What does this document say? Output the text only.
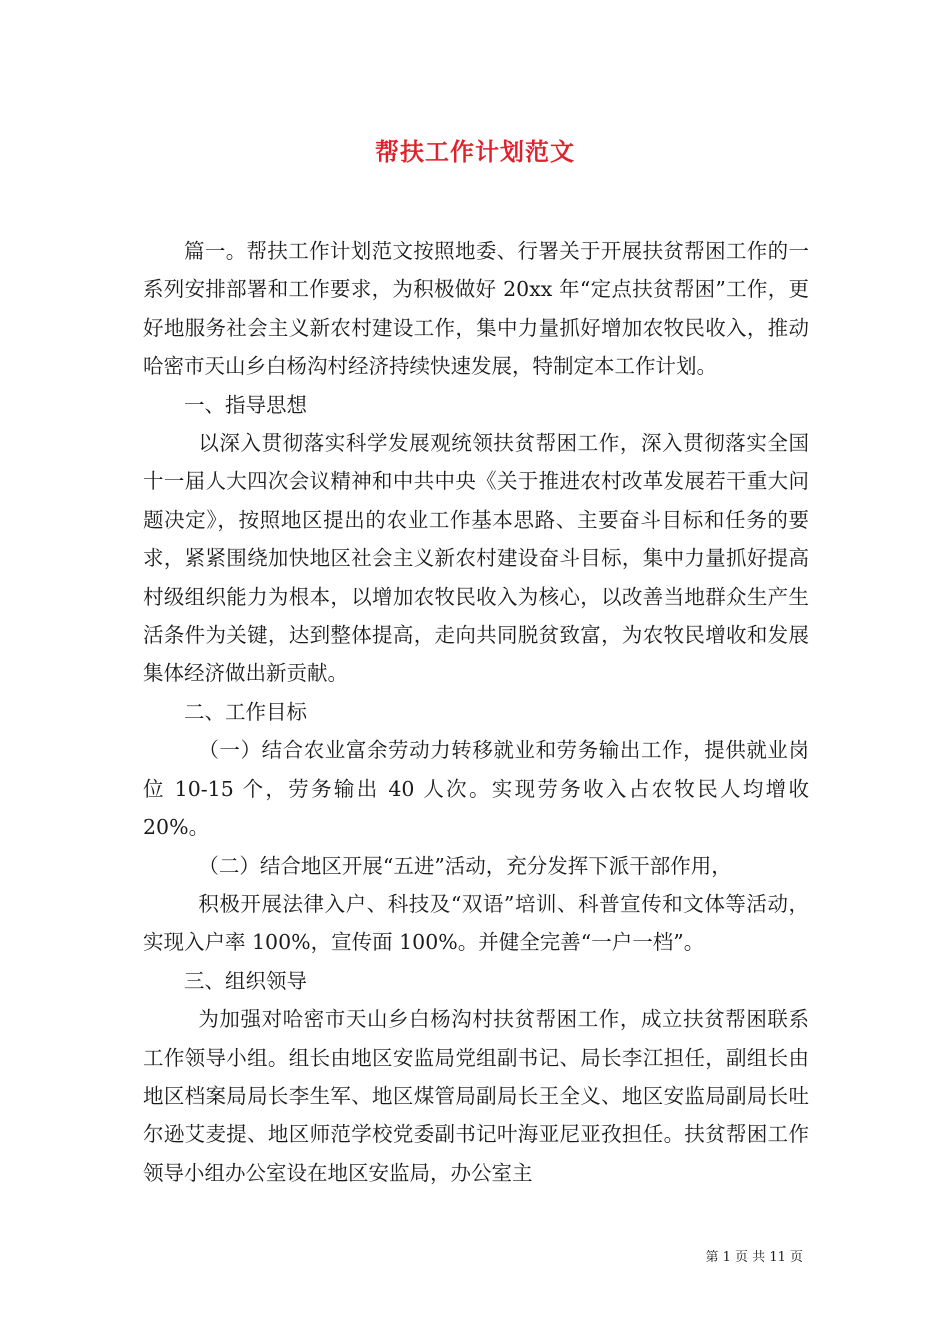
帮扶工作计划范文

篇一。帮扶工作计划范文按照地委、行署关于开展扶贫帮困工作的一系列安排部署和工作要求，为积极做好 20xx 年“定点扶贫帮困”工作，更好地服务社会主义新农村建设工作，集中力量抓好增加农牧民收入，推动哈密市天山乡白杨沟村经济持续快速发展，特制定本工作计划。

一、指导思想

以深入贯彻落实科学发展观统领扶贫帮困工作，深入贯彻落实全国十一届人大四次会议精神和中共中央《关于推进农村改革发展若干重大问题决定》，按照地区提出的农业工作基本思路、主要奋斗目标和任务的要求，紧紧围绕加快地区社会主义新农村建设奋斗目标，集中力量抓好提高村级组织能力为根本，以增加农牧民收入为核心，以改善当地群众生产生活条件为关键，达到整体提高，走向共同脱贫致富，为农牧民增收和发展集体经济做出新贡献。

二、工作目标

（一）结合农业富余劳动力转移就业和劳务输出工作，提供就业岗位 10-15 个，劳务输出 40 人次。实现劳务收入占农牧民人均增收 20%。

（二）结合地区开展“五进”活动，充分发挥下派干部作用，

积极开展法律入户、科技及“双语”培训、科普宣传和文体等活动，实现入户率 100%，宣传面 100%。并健全完善“一户一档”。

三、组织领导

为加强对哈密市天山乡白杨沟村扶贫帮困工作，成立扶贫帮困联系工作领导小组。组长由地区安监局党组副书记、局长李江担任，副组长由地区档案局局长李生军、地区煤管局副局长王全义、地区安监局副局长吐尔逊艾麦提、地区师范学校党委副书记叶海亚尼亚孜担任。扶贫帮困工作领导小组办公室设在地区安监局，办公室主

第 1 页 共 11 页
